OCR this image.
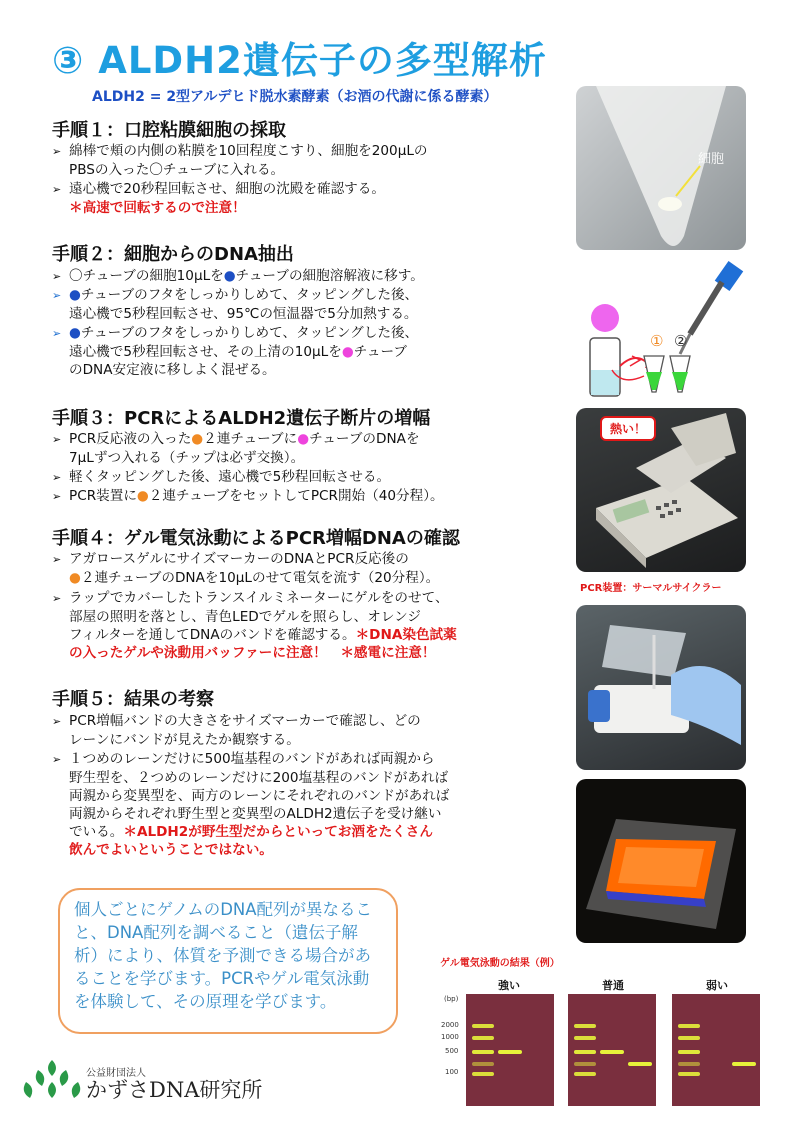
③ ALDH2遺伝子の多型解析
ALDH2 = 2型アルデヒド脱水素酵素（お酒の代謝に係る酵素）
手順１：口腔粘膜細胞の採取
➢ 綿棒で頬の内側の粘膜を10回程度こすり、細胞を200µLの
PBSの入った〇チューブに入れる。
➢ 遠心機で20秒程回転させ、細胞の沈殿を確認する。
＊高速で回転するので注意！
手順２：細胞からのDNA抽出
➢ 〇チューブの細胞10µLを●チューブの細胞溶解液に移す。
➢ ●チューブのフタをしっかりしめて、タッピングした後、
遠心機で5秒程回転させ、95℃の恒温器で5分加熱する。
➢ ●チューブのフタをしっかりしめて、タッピングした後、
遠心機で5秒程回転させ、その上清の10µLを●チューブ
のDNA安定液に移しよく混ぜる。
手順３：PCRによるALDH2遺伝子断片の増幅
➢ PCR反応液の入った●２連チューブに●チューブのDNAを
7µLずつ入れる（チップは必ず交換）。
➢ 軽くタッピングした後、遠心機で5秒程回転させる。
➢ PCR装置に●２連チューブをセットしてPCR開始（40分程）。
手順４：ゲル電気泳動によるPCR増幅DNAの確認
➢ アガロースゲルにサイズマーカーのDNAとPCR反応後の
●２連チューブのDNAを10µLのせて電気を流す（20分程）。
➢ ラップでカバーしたトランスイルミネーターにゲルをのせて、
部屋の照明を落とし、青色LEDでゲルを照らし、オレンジ
フィルターを通してDNAのバンドを確認する。＊DNA染色試薬
の入ったゲルや泳動用バッファーに注意！　＊感電に注意！
手順５：結果の考察
➢ PCR増幅バンドの大きさをサイズマーカーで確認し、どの
レーンにバンドが見えたか観察する。
➢ １つめのレーンだけに500塩基程のバンドがあれば両親から
野生型を、２つめのレーンだけに200塩基程のバンドがあれば
両親から変異型を、両方のレーンにそれぞれのバンドがあれば
両親からそれぞれ野生型と変異型のALDH2遺伝子を受け継い
でいる。＊ALDH2が野生型だからといってお酒をたくさん
飲んでよいということではない。
細胞
① ②
熱い！
PCR装置：サーマルサイクラー
ゲル電気泳動の結果（例）
(bp)
2000
1000
500
100
強い	普通	弱い
個人ごとにゲノムのDNA配列が異なること、DNA配列を調べること（遺伝子解析）により、体質を予測できる場合があることを学びます。PCRやゲル電気泳動を体験して、その原理を学びます。
公益財団法人
かずさDNA研究所
